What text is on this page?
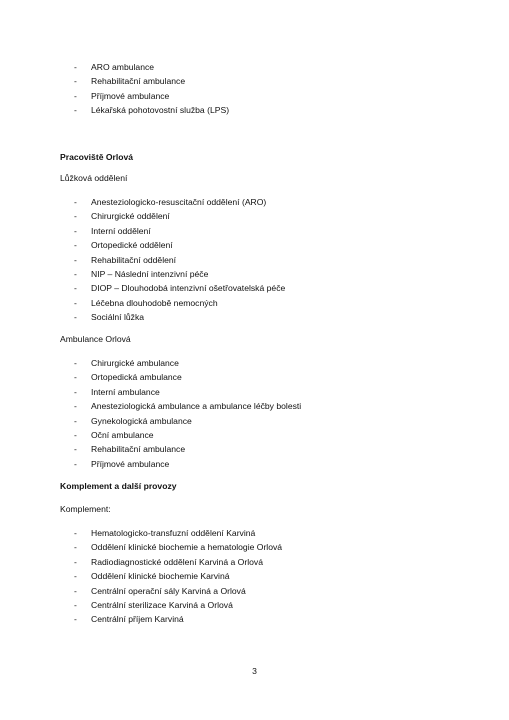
- ARO ambulance
- Rehabilitační ambulance
- Příjmové ambulance
- Lékařská pohotovostní služba (LPS)
Pracoviště Orlová
Lůžková oddělení
- Anesteziologicko-resuscitační oddělení (ARO)
- Chirurgické oddělení
- Interní oddělení
- Ortopedické oddělení
- Rehabilitační oddělení
- NIP – Následní intenzivní péče
- DIOP – Dlouhodobá intenzivní ošetřovatelská péče
- Léčebna dlouhodobě nemocných
- Sociální lůžka
Ambulance Orlová
- Chirurgické ambulance
- Ortopedická ambulance
- Interní ambulance
- Anesteziologická ambulance a ambulance léčby bolesti
- Gynekologická ambulance
- Oční ambulance
- Rehabilitační ambulance
- Příjmové ambulance
Komplement a další provozy
Komplement:
- Hematologicko-transfuzní oddělení Karviná
- Oddělení klinické biochemie a hematologie Orlová
- Radiodiagnostické oddělení Karviná a Orlová
- Oddělení klinické biochemie Karviná
- Centrální operační sály Karviná a Orlová
- Centrální sterilizace Karviná a Orlová
- Centrální příjem Karviná
3
